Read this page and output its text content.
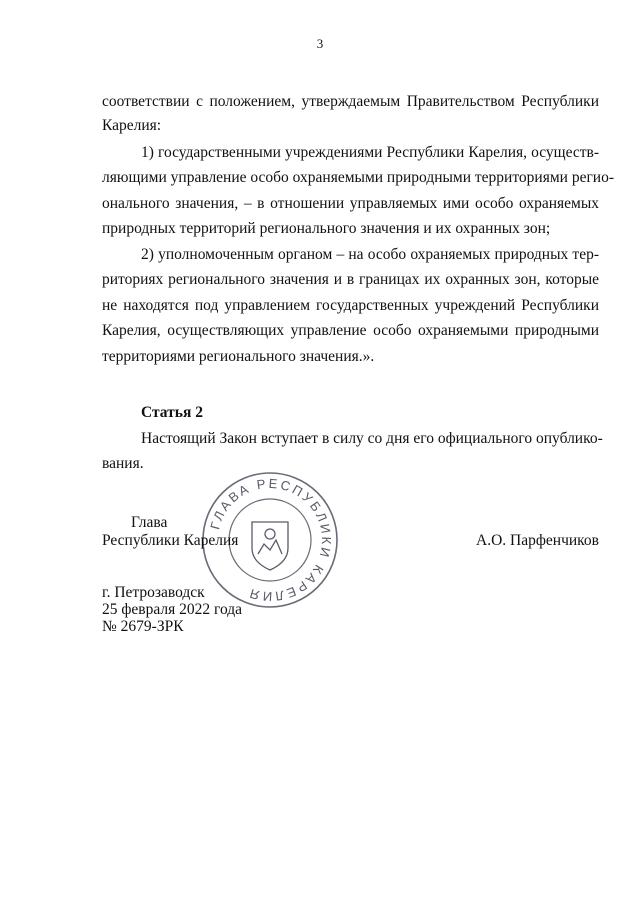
3
соответствии с положением, утверждаемым Правительством Республики
Карелия:
1) государственными учреждениями Республики Карелия, осуществ-
ляющими управление особо охраняемыми природными территориями регио-
онального значения, – в отношении управляемых ими особо охраняемых
природных территорий регионального значения и их охранных зон;
2) уполномоченным органом – на особо охраняемых природных тер-
риториях регионального значения и в границах их охранных зон, которые
не находятся под управлением государственных учреждений Республики
Карелия, осуществляющих управление особо охраняемыми природными
территориями регионального значения.».
Статья 2
Настоящий Закон вступает в силу со дня его официального опублико-
вания.
ГЛАВА РЕСПУБЛИКИ КАРЕЛИЯ
Глава
Республики Карелия	А.О. Парфенчиков
г. Петрозаводск
25 февраля 2022 года
№ 2679-ЗРК
